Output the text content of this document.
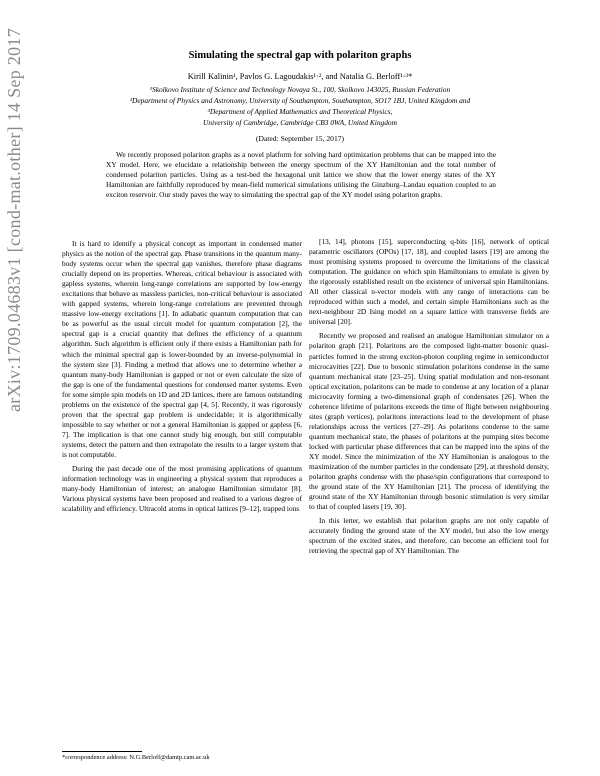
arXiv:1709.04683v1 [cond-mat.other] 14 Sep 2017	Simulating the spectral gap with polariton graphs
Kirill Kalinin¹, Pavlos G. Lagoudakis¹·², and Natalia G. Berloff¹·³*
¹Skolkovo Institute of Science and Technology Novaya St., 100, Skolkovo 143025, Russian Federation
²Department of Physics and Astronomy, University of Southampton, Southampton, SO17 1BJ, United Kingdom and
³Department of Applied Mathematics and Theoretical Physics,
University of Cambridge, Cambridge CB3 0WA, United Kingdom
(Dated: September 15, 2017)
We recently proposed polariton graphs as a novel platform for solving hard optimization problems that can be mapped into the XY model. Here, we elucidate a relationship between the energy spectrum of the XY Hamiltonian and the total number of condensed polariton particles. Using as a test-bed the hexagonal unit lattice we show that the lower energy states of the XY Hamiltonian are faithfully reproduced by mean-field numerical simulations utilising the Ginzburg–Landau equation coupled to an exciton reservoir. Our study paves the way to simulating the spectral gap of the XY model using polariton graphs.

It is hard to identify a physical concept as important in condensed matter physics as the notion of the spectral gap. Phase transitions in the quantum many-body systems occur when the spectral gap vanishes, therefore phase diagrams crucially depend on its properties. Whereas, critical behaviour is associated with gapless systems, wherein long-range correlations are supported by low-energy excitations that behave as massless particles, non-critical behaviour is associated with gapped systems, wherein long-range correlations are prevented through massive low-energy excitations [1]. In adiabatic quantum computation that can be as powerful as the usual circuit model for quantum computation [2], the spectral gap is a crucial quantity that defines the efficiency of a quantum algorithm. Such algorithm is efficient only if there exists a Hamiltonian path for which the minimal spectral gap is lower-bounded by an inverse-polynomial in the system size [3]. Finding a method that allows one to determine whether a quantum many-body Hamiltonian is gapped or not or even calculate the size of the gap is one of the fundamental questions for condensed matter systems. Even for some simple spin models on 1D and 2D lattices, there are famous outstanding problems on the existence of the spectral gap [4, 5]. Recently, it was rigorously proven that the spectral gap problem is undecidable; it is algorithmically impossible to say whether or not a general Hamiltonian is gapped or gapless [6, 7]. The implication is that one cannot study big enough, but still computable systems, detect the pattern and then extrapolate the results to a larger system that is not computable.

During the past decade one of the most promising applications of quantum information technology was in engineering a physical system that reproduces a many-body Hamiltonian of interest; an analogue Hamiltonian simulator [8]. Various physical systems have been proposed and realised to a various degree of scalability and efficiency. Ultracold atoms in optical lattices [9–12], trapped ions

[13, 14], photons [15], superconducting q-bits [16], network of optical parametric oscillators (OPOs) [17, 18], and coupled lasers [19] are among the most promising systems proposed to overcome the limitations of the classical computation. The guidance on which spin Hamiltonians to emulate is given by the rigorously established result on the existence of universal spin Hamiltonians. All other classical n-vector models with any range of interactions can be reproduced within such a model, and certain simple Hamiltonians such as the next-neighbour 2D Ising model on a square lattice with transverse fields are universal [20].

Recently we proposed and realised an analogue Hamiltonian simulator on a polariton graph [21]. Polaritons are the composed light-matter bosonic quasi-particles formed in the strong exciton-photon coupling regime in semiconductor microcavities [22]. Due to bosonic stimulation polaritons condense in the same quantum mechanical state [23–25]. Using spatial modulation and non-resonant optical excitation, polaritons can be made to condense at any location of a planar microcavity forming a two-dimensional graph of condensates [26]. When the coherence lifetime of polaritons exceeds the time of flight between neighbouring sites (graph vertices), polaritons interactions lead to the development of phase relationships across the vertices [27–29]. As polaritons condense to the same quantum mechanical state, the phases of polaritons at the pumping sites become locked with particular phase differences that can be mapped into the spins of the XY model. Since the minimization of the XY Hamiltonian is analogous to the maximization of the number particles in the condensate [29], at threshold density, polariton graphs condense with the phase/spin configurations that correspond to the ground state of the XY Hamiltonian [21]. The process of identifying the ground state of the XY Hamiltonian through bosonic stimulation is very similar to that of coupled lasers [19, 30].

In this letter, we establish that polariton graphs are not only capable of accurately finding the ground state of the XY model, but also the low energy spectrum of the excited states, and therefore, can become an efficient tool for retrieving the spectral gap of XY Hamiltonian. The

*correspondence address: N.G.Berloff@damtp.cam.ac.uk
